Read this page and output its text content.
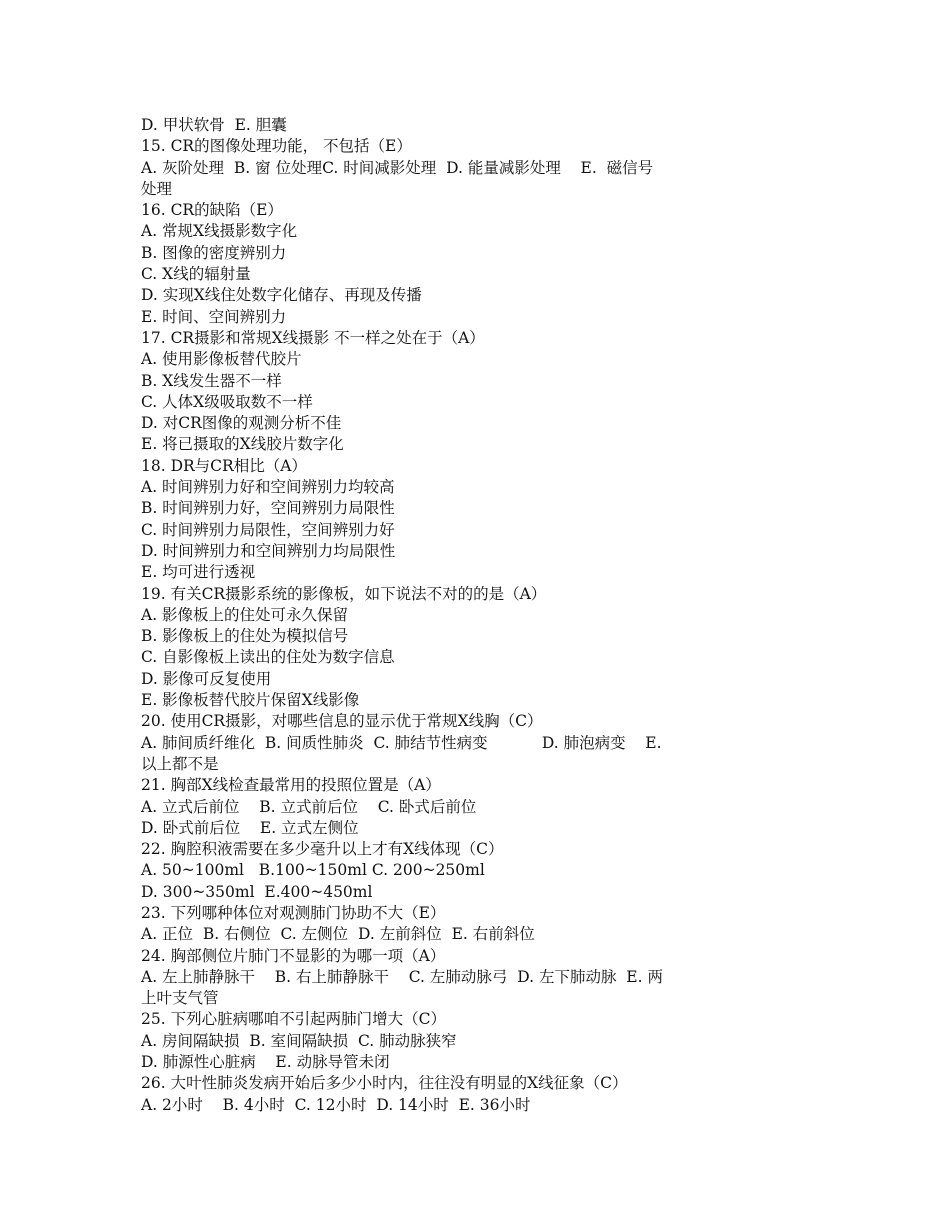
D. 甲状软骨  E. 胆囊
15. CR的图像处理功能， 不包括（E）
A. 灰阶处理  B. 窗 位处理C. 时间减影处理  D. 能量减影处理    E.  磁信号
处理
16. CR的缺陷（E）
A. 常规X线摄影数字化
B. 图像的密度辨别力
C. X线的辐射量
D. 实现X线住处数字化储存、再现及传播
E. 时间、空间辨别力
17. CR摄影和常规X线摄影 不一样之处在于（A）
A. 使用影像板替代胶片
B. X线发生器不一样
C. 人体X级吸取数不一样
D. 对CR图像的观测分析不佳
E. 将已摄取的X线胶片数字化
18. DR与CR相比（A）
A. 时间辨别力好和空间辨别力均较高
B. 时间辨别力好，空间辨别力局限性
C. 时间辨别力局限性，空间辨别力好
D. 时间辨别力和空间辨别力均局限性
E. 均可进行透视
19. 有关CR摄影系统的影像板，如下说法不对的的是（A）
A. 影像板上的住处可永久保留
B. 影像板上的住处为模拟信号
C. 自影像板上读出的住处为数字信息
D. 影像可反复使用
E. 影像板替代胶片保留X线影像
20. 使用CR摄影，对哪些信息的显示优于常规X线胸（C）
A. 肺间质纤维化  B. 间质性肺炎  C. 肺结节性病变           D. 肺泡病变    E.
以上都不是
21. 胸部X线检查最常用的投照位置是（A）
A. 立式后前位    B. 立式前后位    C. 卧式后前位
D. 卧式前后位    E. 立式左侧位
22. 胸腔积液需要在多少毫升以上才有X线体现（C）
A. 50~100ml   B.100~150ml C. 200~250ml
D. 300~350ml  E.400~450ml
23. 下列哪种体位对观测肺门协助不大（E）
A. 正位  B. 右侧位  C. 左侧位  D. 左前斜位  E. 右前斜位
24. 胸部侧位片肺门不显影的为哪一项（A）
A. 左上肺静脉干    B. 右上肺静脉干    C. 左肺动脉弓  D. 左下肺动脉  E. 两
上叶支气管
25. 下列心脏病哪咱不引起两肺门增大（C）
A. 房间隔缺损  B. 室间隔缺损  C. 肺动脉狭窄
D. 肺源性心脏病    E. 动脉导管未闭
26. 大叶性肺炎发病开始后多少小时内，往往没有明显的X线征象（C）
A. 2小时    B. 4小时  C. 12小时  D. 14小时  E. 36小时
